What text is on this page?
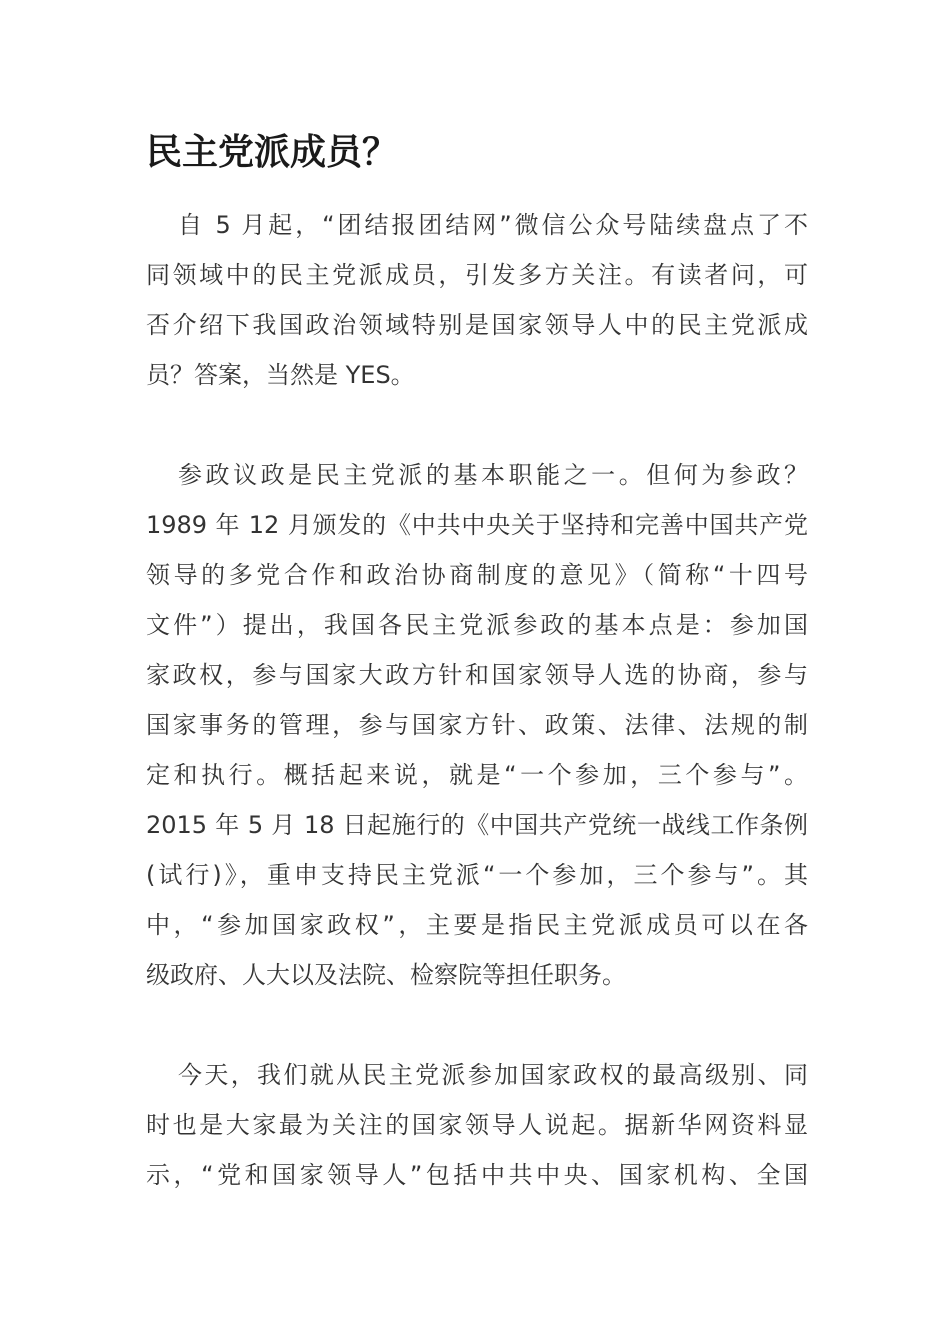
民主党派成员？

自 5 月起，“团结报团结网”微信公众号陆续盘点了不
同领域中的民主党派成员，引发多方关注。有读者问，可
否介绍下我国政治领域特别是国家领导人中的民主党派成
员？答案，当然是 YES。

参政议政是民主党派的基本职能之一。但何为参政？
1989 年 12 月颁发的《中共中央关于坚持和完善中国共产党
领导的多党合作和政治协商制度的意见》（简称“十四号
文件”）提出，我国各民主党派参政的基本点是：参加国
家政权，参与国家大政方针和国家领导人选的协商，参与
国家事务的管理，参与国家方针、政策、法律、法规的制
定和执行。概括起来说，就是“一个参加，三个参与”。
2015 年 5 月 18 日起施行的《中国共产党统一战线工作条例
(试行)》，重申支持民主党派“一个参加，三个参与”。其
中，“参加国家政权”，主要是指民主党派成员可以在各
级政府、人大以及法院、检察院等担任职务。

今天，我们就从民主党派参加国家政权的最高级别、同
时也是大家最为关注的国家领导人说起。据新华网资料显
示，“党和国家领导人”包括中共中央、国家机构、全国
